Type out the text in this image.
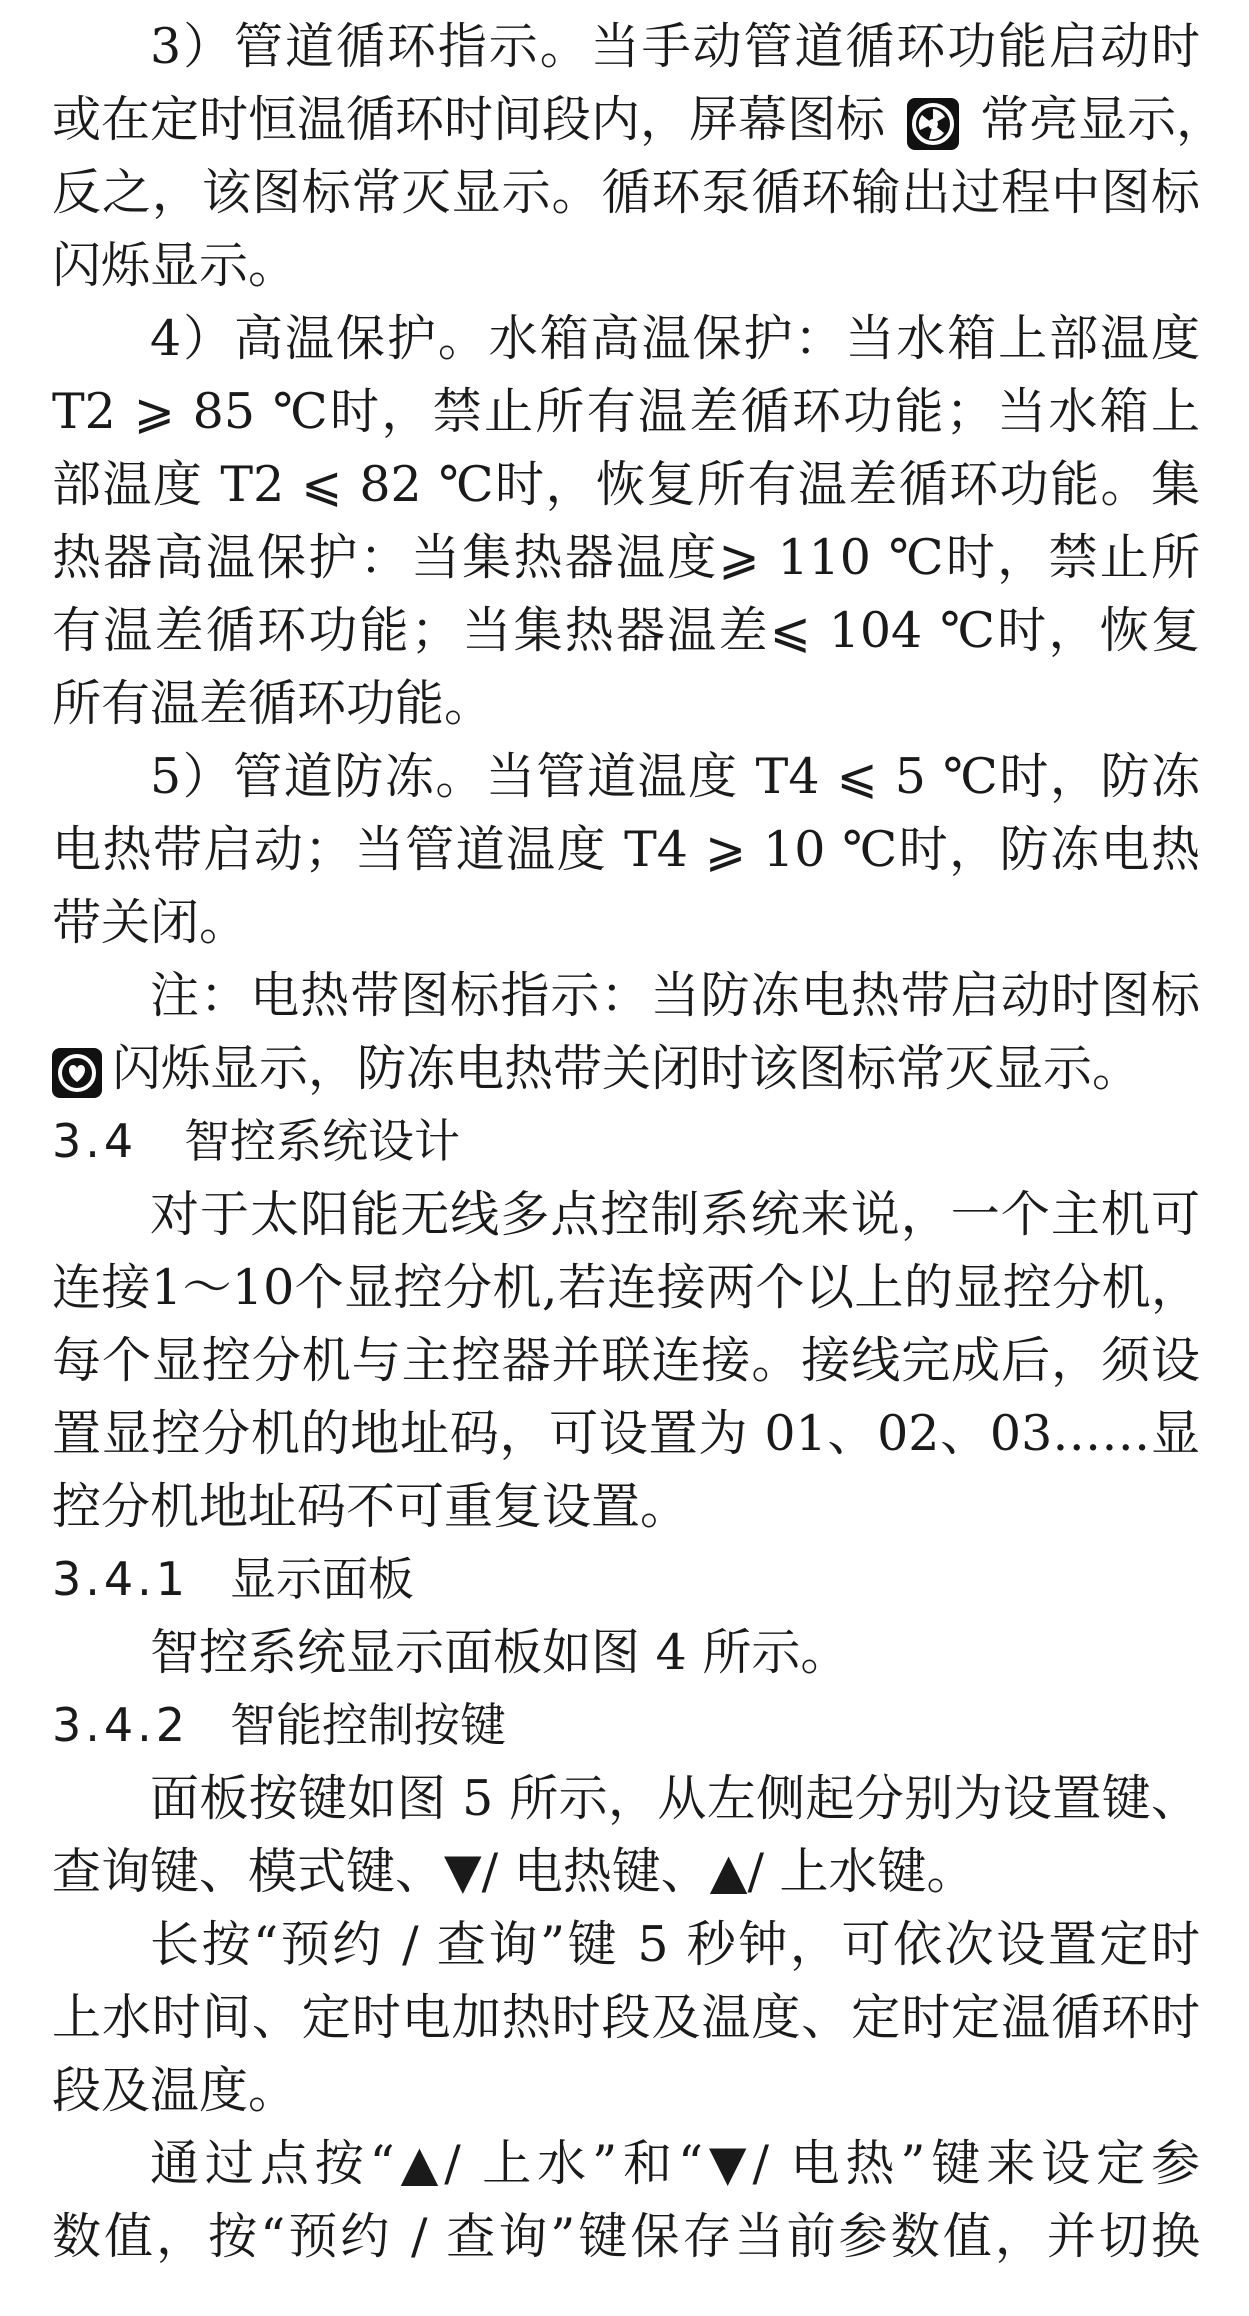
3）管道循环指示。当手动管道循环功能启动时
或在定时恒温循环时间段内，屏幕图标 常亮显示，
反之，该图标常灭显示。循环泵循环输出过程中图标
闪烁显示。
4）高温保护。水箱高温保护：当水箱上部温度
T2 ⩾ 85 ℃时，禁止所有温差循环功能；当水箱上
部温度 T2 ⩽ 82 ℃时，恢复所有温差循环功能。集
热器高温保护：当集热器温度⩾ 110 ℃时，禁止所
有温差循环功能；当集热器温差⩽ 104 ℃时，恢复
所有温差循环功能。
5）管道防冻。当管道温度 T4 ⩽ 5 ℃时，防冻
电热带启动；当管道温度 T4 ⩾ 10 ℃时，防冻电热
带关闭。
注：电热带图标指示：当防冻电热带启动时图标
闪烁显示，防冻电热带关闭时该图标常灭显示。
3.4 智控系统设计
对于太阳能无线多点控制系统来说，一个主机可
连接1～10个显控分机,若连接两个以上的显控分机，
每个显控分机与主控器并联连接。接线完成后，须设
置显控分机的地址码，可设置为 01、02、03……显
控分机地址码不可重复设置。
3.4.1 显示面板
智控系统显示面板如图 4 所示。
3.4.2 智能控制按键
面板按键如图 5 所示，从左侧起分别为设置键、
查询键、模式键、▼/ 电热键、▲/ 上水键。
长按“预约 / 查询”键 5 秒钟，可依次设置定时
上水时间、定时电加热时段及温度、定时定温循环时
段及温度。
通过点按“▲/ 上水”和“▼/ 电热”键来设定参
数值，按“预约 / 查询”键保存当前参数值，并切换
